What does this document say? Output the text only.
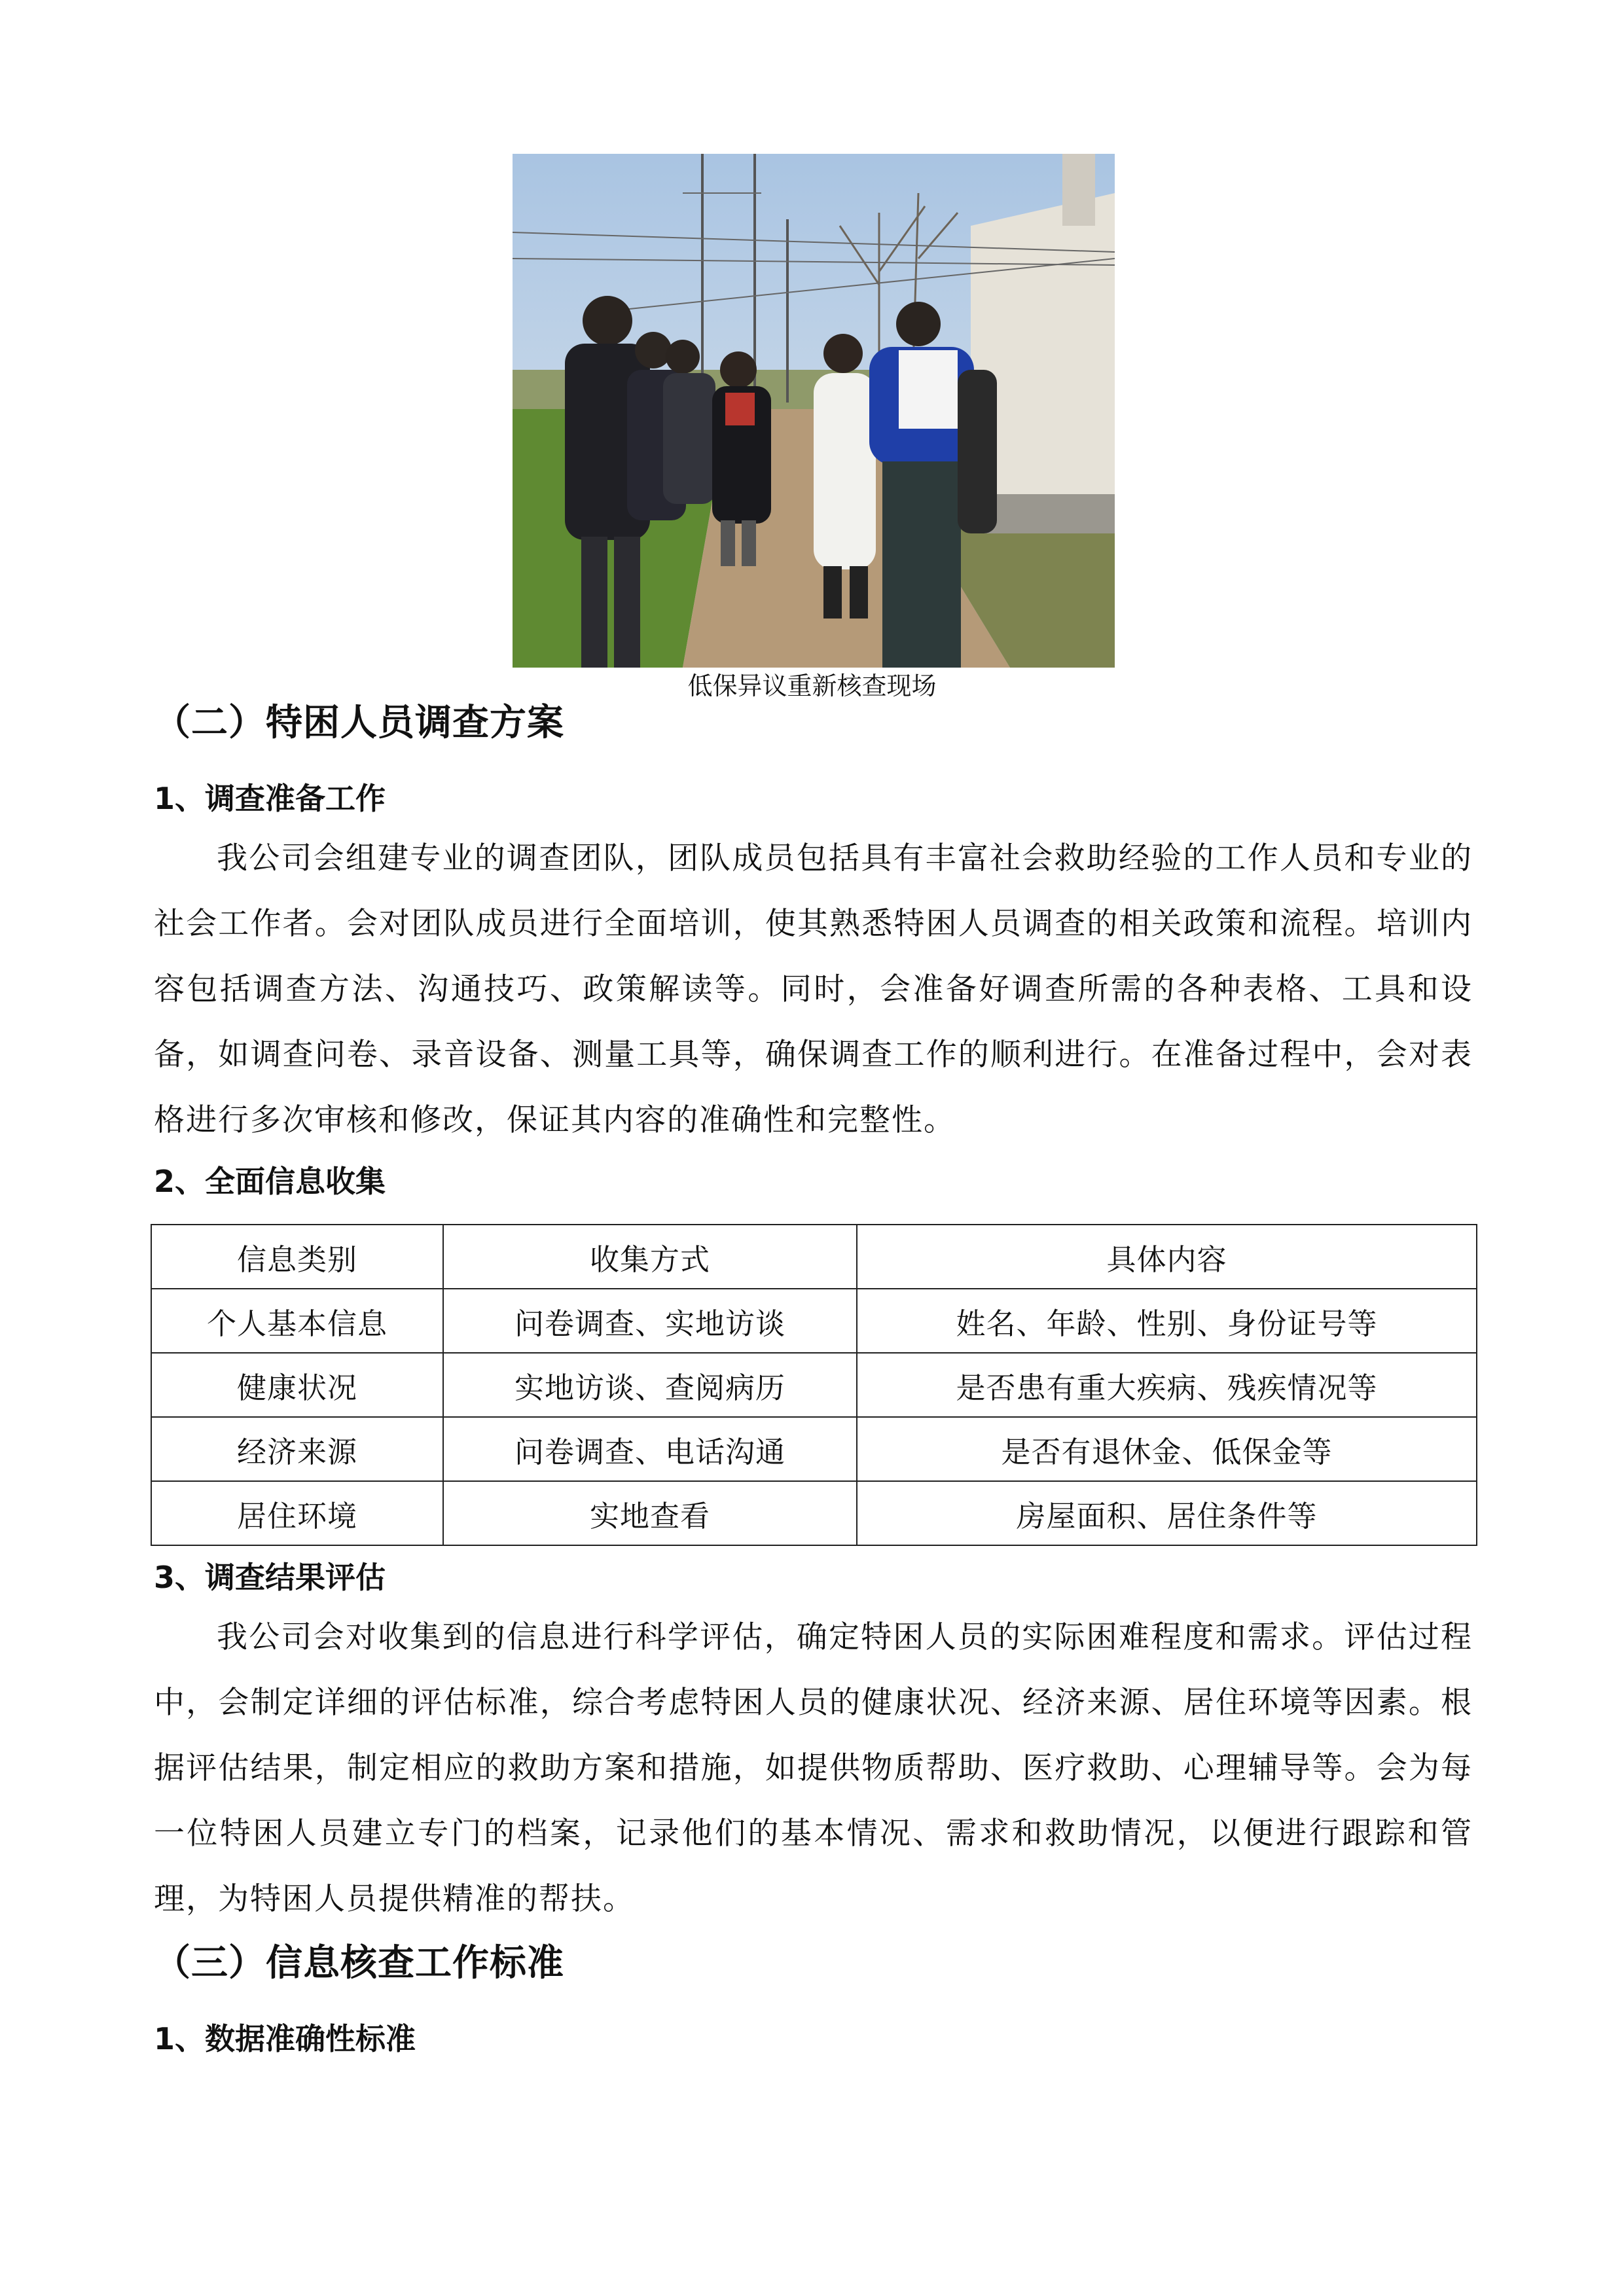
低保异议重新核查现场
（二）特困人员调查方案
1、调查准备工作

我公司会组建专业的调查团队，团队成员包括具有丰富社会救助经验的工作人员和专业的社会工作者。会对团队成员进行全面培训，使其熟悉特困人员调查的相关政策和流程。培训内容包括调查方法、沟通技巧、政策解读等。同时，会准备好调查所需的各种表格、工具和设备，如调查问卷、录音设备、测量工具等，确保调查工作的顺利进行。在准备过程中，会对表格进行多次审核和修改，保证其内容的准确性和完整性。

2、全面信息收集
信息类别	收集方式	具体内容
个人基本信息	问卷调查、实地访谈	姓名、年龄、性别、身份证号等
健康状况	实地访谈、查阅病历	是否患有重大疾病、残疾情况等
经济来源	问卷调查、电话沟通	是否有退休金、低保金等
居住环境	实地查看	房屋面积、居住条件等
3、调查结果评估

我公司会对收集到的信息进行科学评估，确定特困人员的实际困难程度和需求。评估过程中，会制定详细的评估标准，综合考虑特困人员的健康状况、经济来源、居住环境等因素。根据评估结果，制定相应的救助方案和措施，如提供物质帮助、医疗救助、心理辅导等。会为每一位特困人员建立专门的档案，记录他们的基本情况、需求和救助情况，以便进行跟踪和管理，为特困人员提供精准的帮扶。

（三）信息核查工作标准
1、数据准确性标准
